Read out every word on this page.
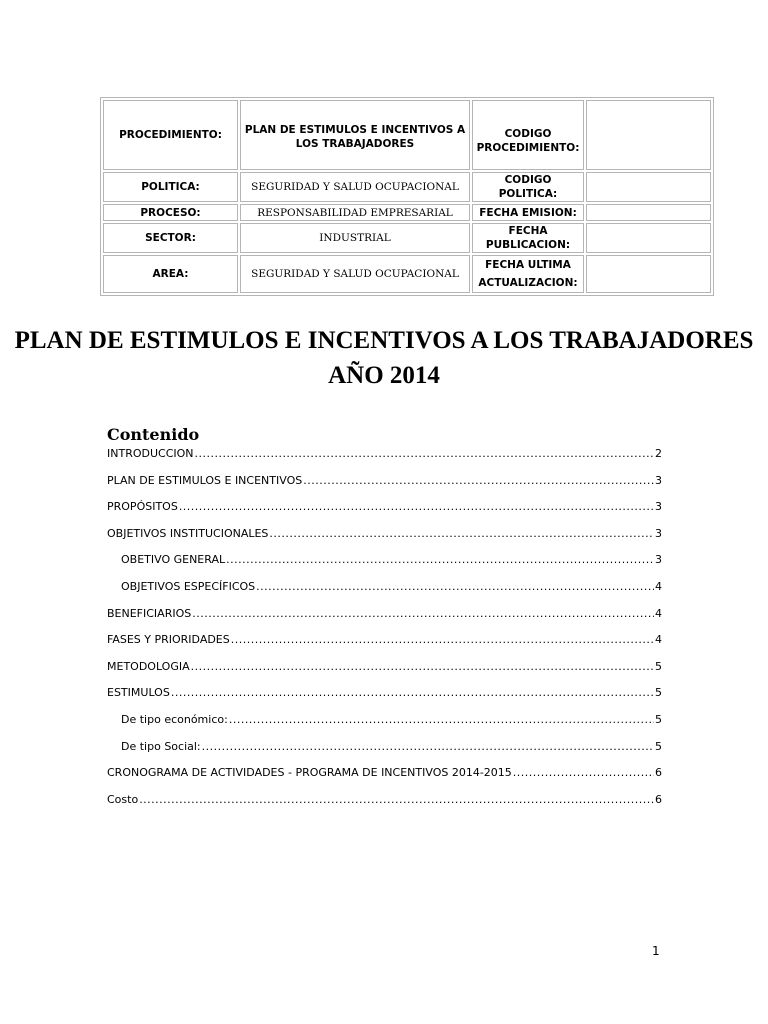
PROCEDIMIENTO:	PLAN DE ESTIMULOS E INCENTIVOS A LOS TRABAJADORES	CODIGO PROCEDIMIENTO:	
POLITICA:	SEGURIDAD Y SALUD OCUPACIONAL	CODIGO POLITICA:	
PROCESO:	RESPONSABILIDAD EMPRESARIAL	FECHA EMISION:	
SECTOR:	INDUSTRIAL	FECHA PUBLICACION:	
AREA:	SEGURIDAD Y SALUD OCUPACIONAL	FECHA ULTIMA ACTUALIZACION:	
PLAN DE ESTIMULOS E INCENTIVOS A LOS TRABAJADORES AÑO 2014
Contenido
INTRODUCCION .....	2
PLAN DE ESTIMULOS E INCENTIVOS .....	3
PROPÓSITOS .....	3
OBJETIVOS INSTITUCIONALES .....	3
OBETIVO GENERAL .....	3
OBJETIVOS ESPECÍFICOS .....	4
BENEFICIARIOS .....	4
FASES Y PRIORIDADES .....	4
METODOLOGIA .....	5
ESTIMULOS .....	5
De tipo económico: .....	5
De tipo Social: .....	5
CRONOGRAMA DE ACTIVIDADES - PROGRAMA DE INCENTIVOS 2014-2015 .....	6
Costo .....	6
1
